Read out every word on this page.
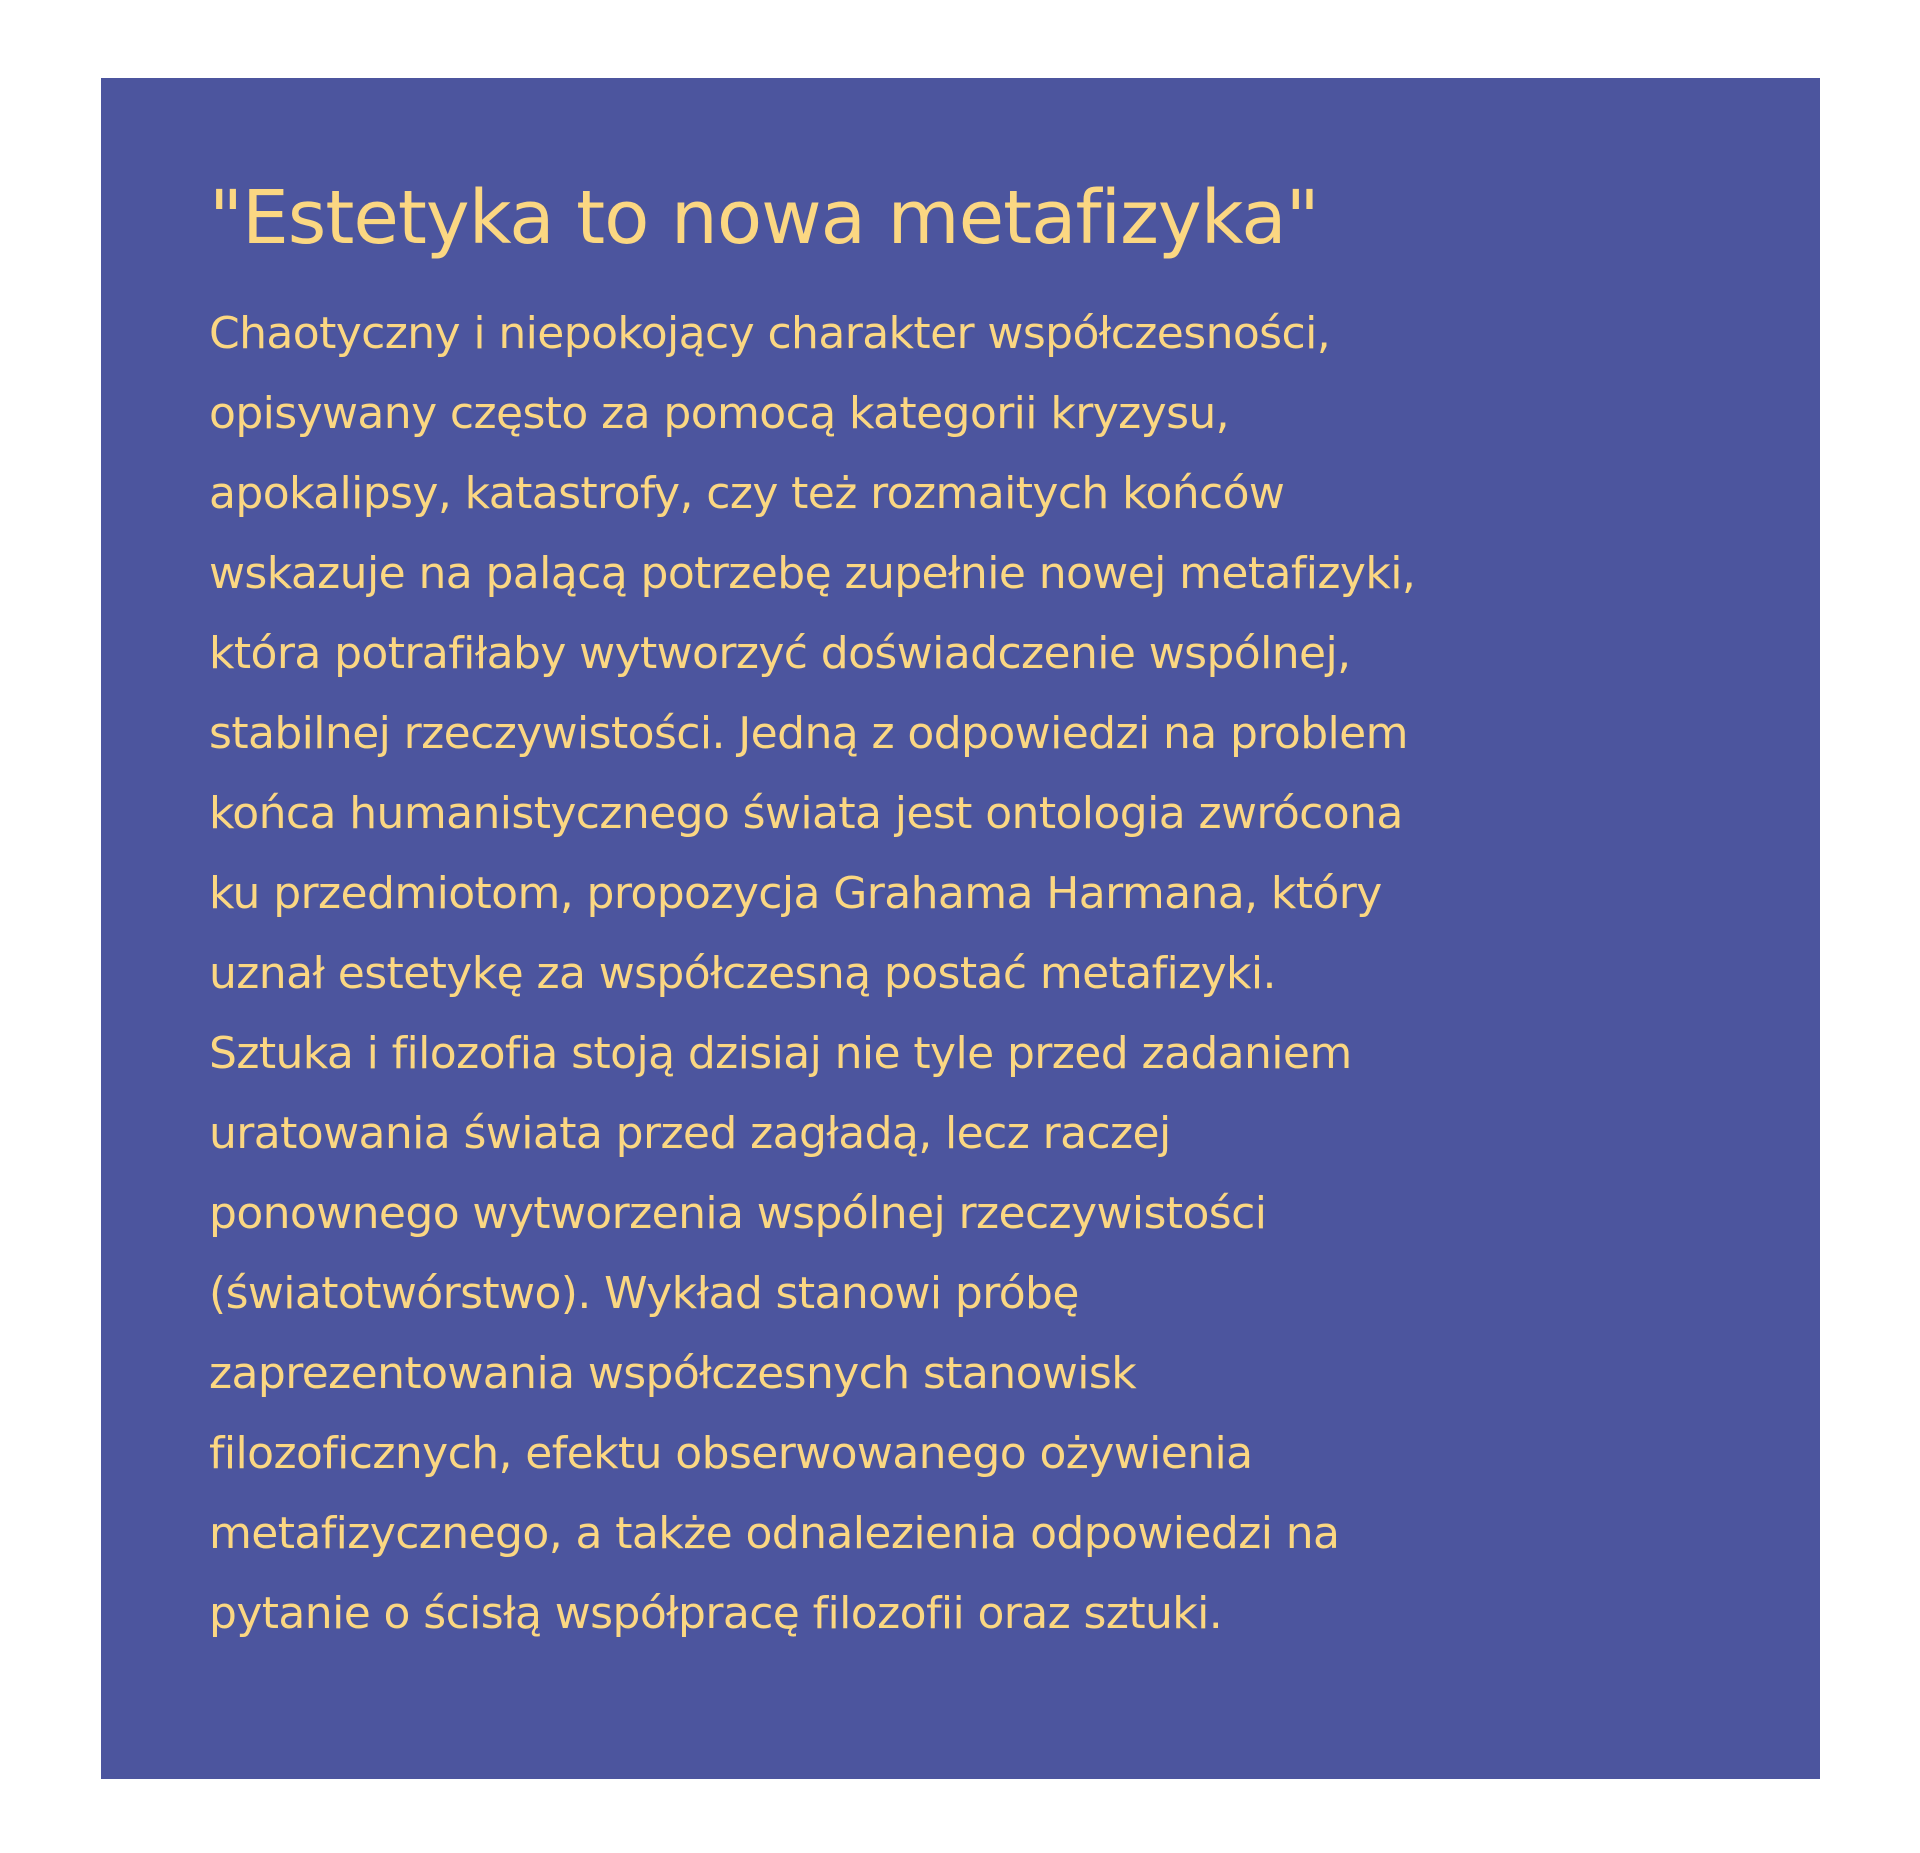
"Estetyka to nowa metafizyka"
Chaotyczny i niepokojący charakter współczesności,
opisywany często za pomocą kategorii kryzysu,
apokalipsy, katastrofy, czy też rozmaitych końców
wskazuje na palącą potrzebę zupełnie nowej metafizyki,
która potrafiłaby wytworzyć doświadczenie wspólnej,
stabilnej rzeczywistości. Jedną z odpowiedzi na problem
końca humanistycznego świata jest ontologia zwrócona
ku przedmiotom, propozycja Grahama Harmana, który
uznał estetykę za współczesną postać metafizyki.
Sztuka i filozofia stoją dzisiaj nie tyle przed zadaniem
uratowania świata przed zagładą, lecz raczej
ponownego wytworzenia wspólnej rzeczywistości
(światotwórstwo). Wykład stanowi próbę
zaprezentowania współczesnych stanowisk
filozoficznych, efektu obserwowanego ożywienia
metafizycznego, a także odnalezienia odpowiedzi na
pytanie o ścisłą współpracę filozofii oraz sztuki.
